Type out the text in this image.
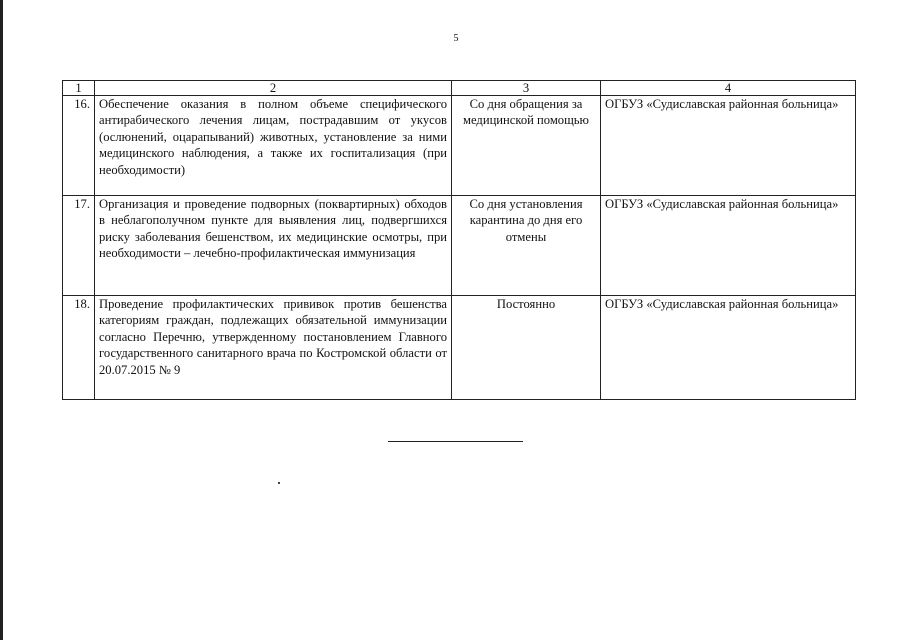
5
1	2	3	4
16.	Обеспечение оказания в полном объеме специфического антирабического лечения лицам, пострадавшим от укусов (ослюнений, оцарапываний) животных, установление за ними медицинского наблюдения, а также их госпитализация (при необходимости)	Со дня обращения за медицинской помощью	ОГБУЗ «Судиславская районная больница»
17.	Организация и проведение подворных (поквартирных) обходов в неблагополучном пункте для выявления лиц, подвергшихся риску заболевания бешенством, их медицинские осмотры, при необходимости – лечебно-профилактическая иммунизация	Со дня установления карантина до дня его отмены	ОГБУЗ «Судиславская районная больница»
18.	Проведение профилактических прививок против бешенства категориям граждан, подлежащих обязательной иммунизации согласно Перечню, утвержденному постановлением Главного государственного санитарного врача по Костромской области от 20.07.2015 № 9	Постоянно	ОГБУЗ «Судиславская районная больница»
